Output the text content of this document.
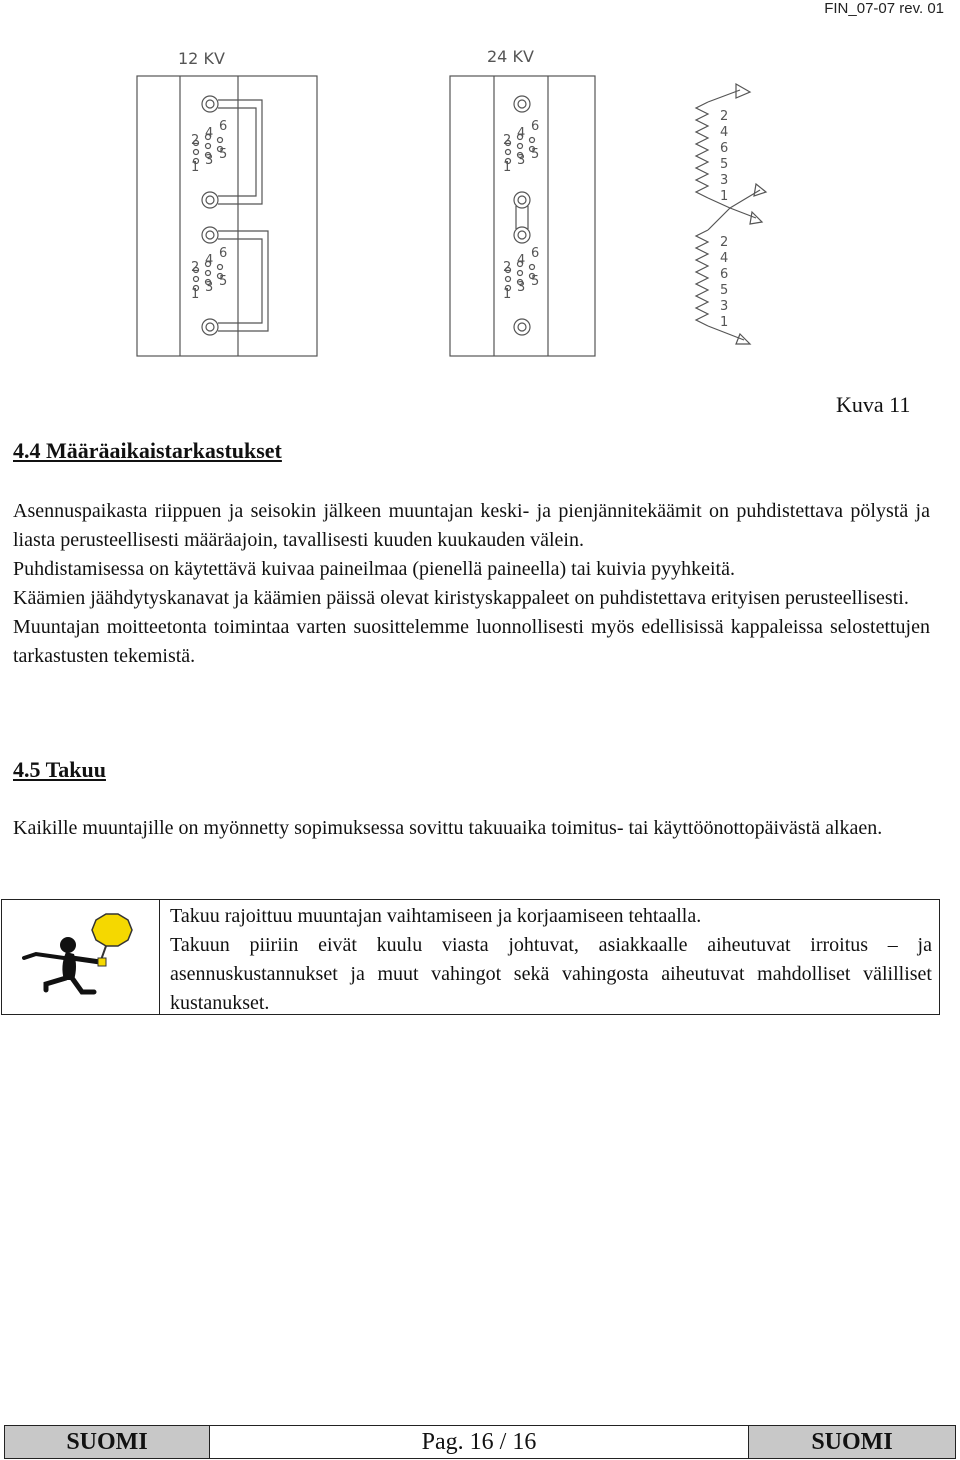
FIN_07-07 rev. 01
12 KV	24 KV
2 4 6
5
3
1
2 4 6
5
3
1
2 4 6
5
3
1
2 4 6
5
3
1
2
4
6
5
3
1
2
4
6
5
3
1
Kuva 11
4.4 Määräaikaistarkastukset

Asennuspaikasta riippuen ja seisokin jälkeen muuntajan keski- ja pienjännitekäämit on puhdistettava pölystä ja liasta perusteellisesti määräajoin, tavallisesti kuuden kuukauden välein.

Puhdistamisessa on käytettävä kuivaa paineilmaa (pienellä paineella) tai kuivia pyyhkeitä.

Käämien jäähdytyskanavat ja käämien päissä olevat kiristyskappaleet on puhdistettava erityisen perusteellisesti.

Muuntajan moitteetonta toimintaa varten suosittelemme luonnollisesti myös edellisissä kappaleissa selostettujen tarkastusten tekemistä.

4.5 Takuu

Kaikille muuntajille on myönnetty sopimuksessa sovittu takuuaika toimitus- tai käyttöönottopäivästä alkaen.

Takuu rajoittuu muuntajan vaihtamiseen ja korjaamiseen tehtaalla.

Takuun piiriin eivät kuulu viasta johtuvat, asiakkaalle aiheutuvat irroitus – ja asennuskustannukset ja muut vahingot sekä vahingosta aiheutuvat mahdolliset välilliset kustanukset.

SUOMI	Pag. 16 / 16	SUOMI
